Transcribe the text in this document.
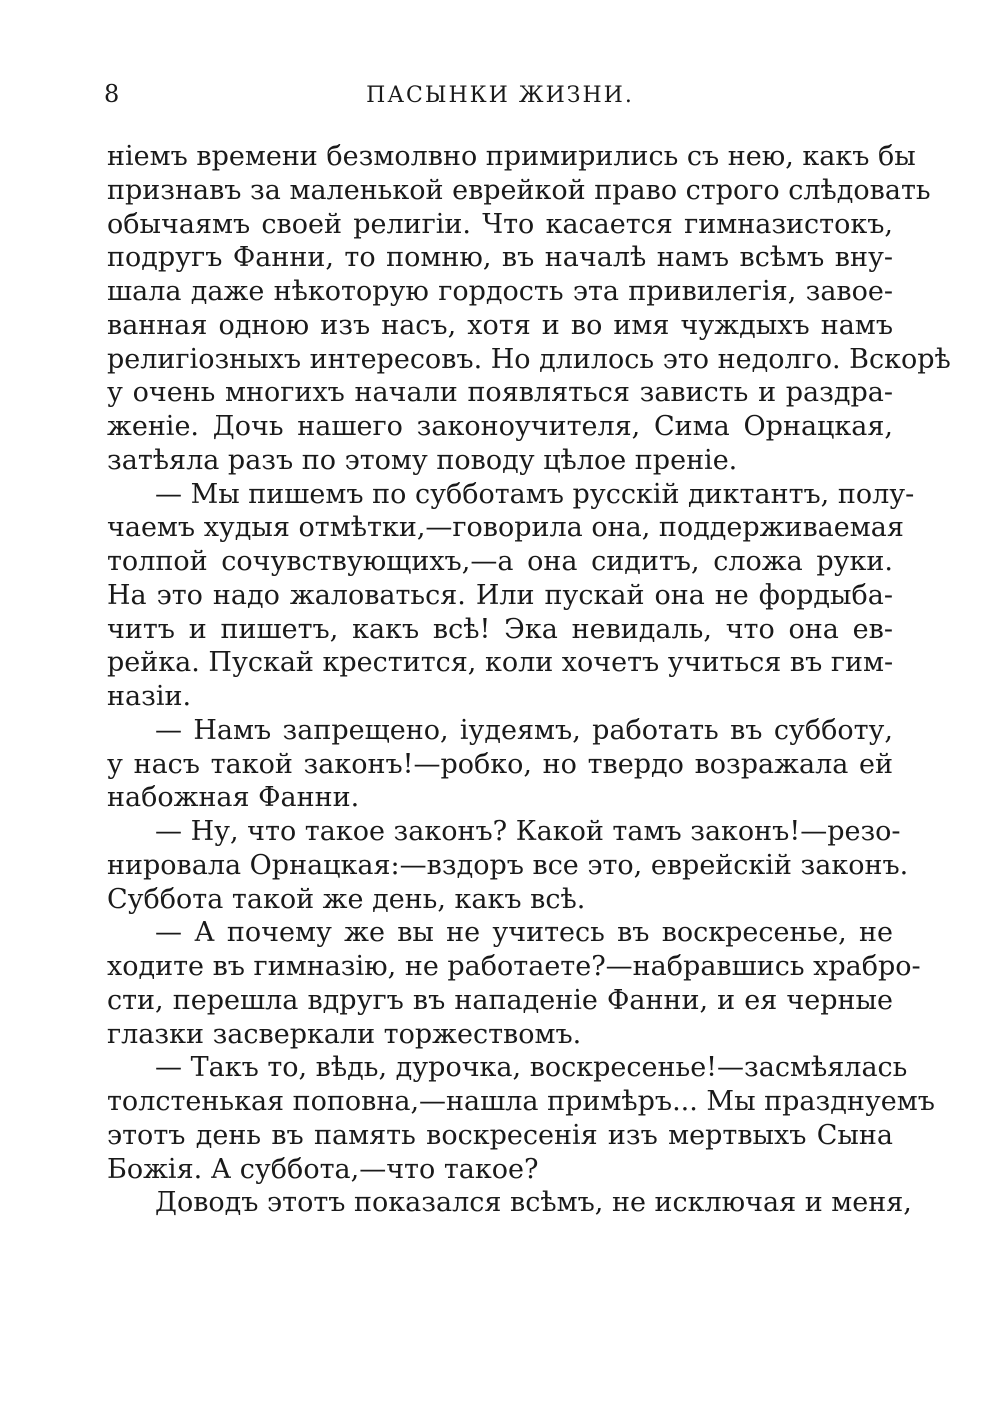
8	ПАСЫНКИ ЖИЗНИ.
ніемъ времени безмолвно примирились съ нею, какъ бы
признавъ за маленькой еврейкой право строго слѣдовать
обычаямъ своей религіи. Что касается гимназистокъ,
подругъ Фанни, то помню, въ началѣ намъ всѣмъ вну-
шала даже нѣкоторую гордость эта привилегія, завое-
ванная одною изъ насъ, хотя и во имя чуждыхъ намъ
религіозныхъ интересовъ. Но длилось это недолго. Вскорѣ
у очень многихъ начали появляться зависть и раздра-
женіе. Дочь нашего законоучителя, Сима Орнацкая,
затѣяла разъ по этому поводу цѣлое преніе.
— Мы пишемъ по субботамъ русскій диктантъ, полу-
чаемъ худыя отмѣтки,—говорила она, поддерживаемая
толпой сочувствующихъ,—а она сидитъ, сложа руки.
На это надо жаловаться. Или пускай она не фордыба-
читъ и пишетъ, какъ всѣ! Эка невидаль, что она ев-
рейка. Пускай крестится, коли хочетъ учиться въ гим-
назіи.
— Намъ запрещено, іудеямъ, работать въ субботу,
у насъ такой законъ!—робко, но твердо возражала ей
набожная Фанни.
— Ну, что такое законъ? Какой тамъ законъ!—резо-
нировала Орнацкая:—вздоръ все это, еврейскій законъ.
Суббота такой же день, какъ всѣ.
— А почему же вы не учитесь въ воскресенье, не
ходите въ гимназію, не работаете?—набравшись храбро-
сти, перешла вдругъ въ нападеніе Фанни, и ея черные
глазки засверкали торжествомъ.
— Такъ то, вѣдь, дурочка, воскресенье!—засмѣялась
толстенькая поповна,—нашла примѣръ... Мы празднуемъ
этотъ день въ память воскресенія изъ мертвыхъ Сына
Божія. А суббота,—что такое?
Доводъ этотъ показался всѣмъ, не исключая и меня,
